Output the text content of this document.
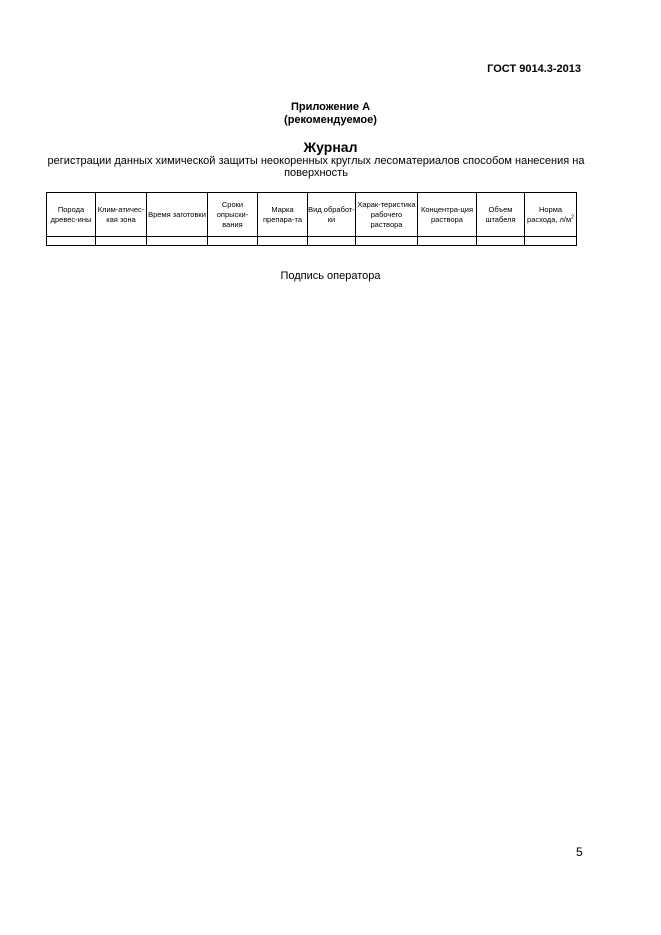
ГОСТ 9014.3-2013
Приложение А
(рекомендуемое)
Журнал
регистрации данных химической защиты неокоренных круглых лесоматериалов способом нанесения на поверхность
Порода древес-ины	Клим-атичес-кая зона	Время заготовки	Сроки опрыски-вания	Марка препара-та	Вид обработ-ки	Харак-теристика рабочего раствора	Концентра-ция раствора	Объем штабеля	Норма расхода, $л/м^2$

Подпись оператора
5
